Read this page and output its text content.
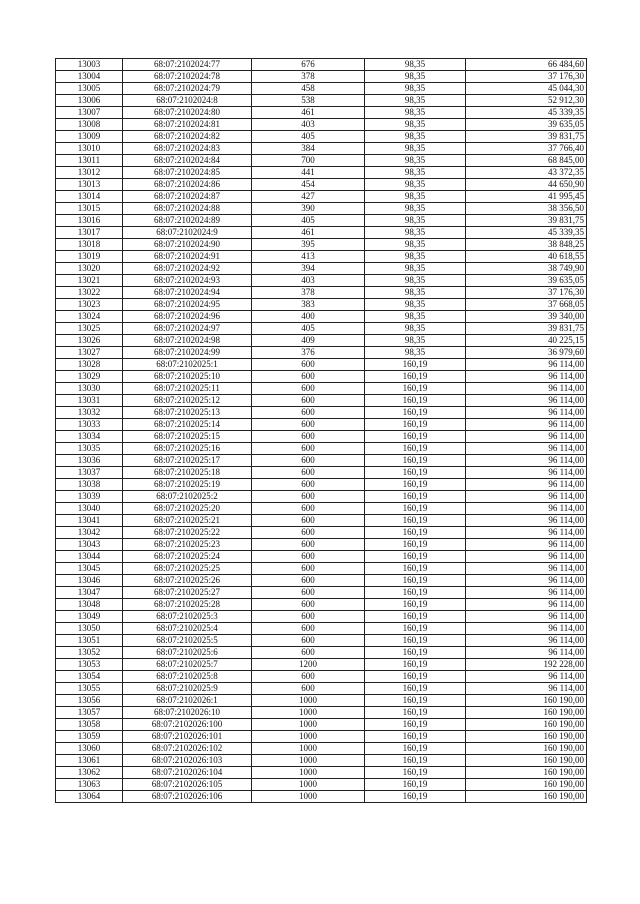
13003	68:07:2102024:77	676	98,35	66 484,60
13004	68:07:2102024:78	378	98,35	37 176,30
13005	68:07:2102024:79	458	98,35	45 044,30
13006	68:07:2102024:8	538	98,35	52 912,30
13007	68:07:2102024:80	461	98,35	45 339,35
13008	68:07:2102024:81	403	98,35	39 635,05
13009	68:07:2102024:82	405	98,35	39 831,75
13010	68:07:2102024:83	384	98,35	37 766,40
13011	68:07:2102024:84	700	98,35	68 845,00
13012	68:07:2102024:85	441	98,35	43 372,35
13013	68:07:2102024:86	454	98,35	44 650,90
13014	68:07:2102024:87	427	98,35	41 995,45
13015	68:07:2102024:88	390	98,35	38 356,50
13016	68:07:2102024:89	405	98,35	39 831,75
13017	68:07:2102024:9	461	98,35	45 339,35
13018	68:07:2102024:90	395	98,35	38 848,25
13019	68:07:2102024:91	413	98,35	40 618,55
13020	68:07:2102024:92	394	98,35	38 749,90
13021	68:07:2102024:93	403	98,35	39 635,05
13022	68:07:2102024:94	378	98,35	37 176,30
13023	68:07:2102024:95	383	98,35	37 668,05
13024	68:07:2102024:96	400	98,35	39 340,00
13025	68:07:2102024:97	405	98,35	39 831,75
13026	68:07:2102024:98	409	98,35	40 225,15
13027	68:07:2102024:99	376	98,35	36 979,60
13028	68:07:2102025:1	600	160,19	96 114,00
13029	68:07:2102025:10	600	160,19	96 114,00
13030	68:07:2102025:11	600	160,19	96 114,00
13031	68:07:2102025:12	600	160,19	96 114,00
13032	68:07:2102025:13	600	160,19	96 114,00
13033	68:07:2102025:14	600	160,19	96 114,00
13034	68:07:2102025:15	600	160,19	96 114,00
13035	68:07:2102025:16	600	160,19	96 114,00
13036	68:07:2102025:17	600	160,19	96 114,00
13037	68:07:2102025:18	600	160,19	96 114,00
13038	68:07:2102025:19	600	160,19	96 114,00
13039	68:07:2102025:2	600	160,19	96 114,00
13040	68:07:2102025:20	600	160,19	96 114,00
13041	68:07:2102025:21	600	160,19	96 114,00
13042	68:07:2102025:22	600	160,19	96 114,00
13043	68:07:2102025:23	600	160,19	96 114,00
13044	68:07:2102025:24	600	160,19	96 114,00
13045	68:07:2102025:25	600	160,19	96 114,00
13046	68:07:2102025:26	600	160,19	96 114,00
13047	68:07:2102025:27	600	160,19	96 114,00
13048	68:07:2102025:28	600	160,19	96 114,00
13049	68:07:2102025:3	600	160,19	96 114,00
13050	68:07:2102025:4	600	160,19	96 114,00
13051	68:07:2102025:5	600	160,19	96 114,00
13052	68:07:2102025:6	600	160,19	96 114,00
13053	68:07:2102025:7	1200	160,19	192 228,00
13054	68:07:2102025:8	600	160,19	96 114,00
13055	68:07:2102025:9	600	160,19	96 114,00
13056	68:07:2102026:1	1000	160,19	160 190,00
13057	68:07:2102026:10	1000	160,19	160 190,00
13058	68:07:2102026:100	1000	160,19	160 190,00
13059	68:07:2102026:101	1000	160,19	160 190,00
13060	68:07:2102026:102	1000	160,19	160 190,00
13061	68:07:2102026:103	1000	160,19	160 190,00
13062	68:07:2102026:104	1000	160,19	160 190,00
13063	68:07:2102026:105	1000	160,19	160 190,00
13064	68:07:2102026:106	1000	160,19	160 190,00
